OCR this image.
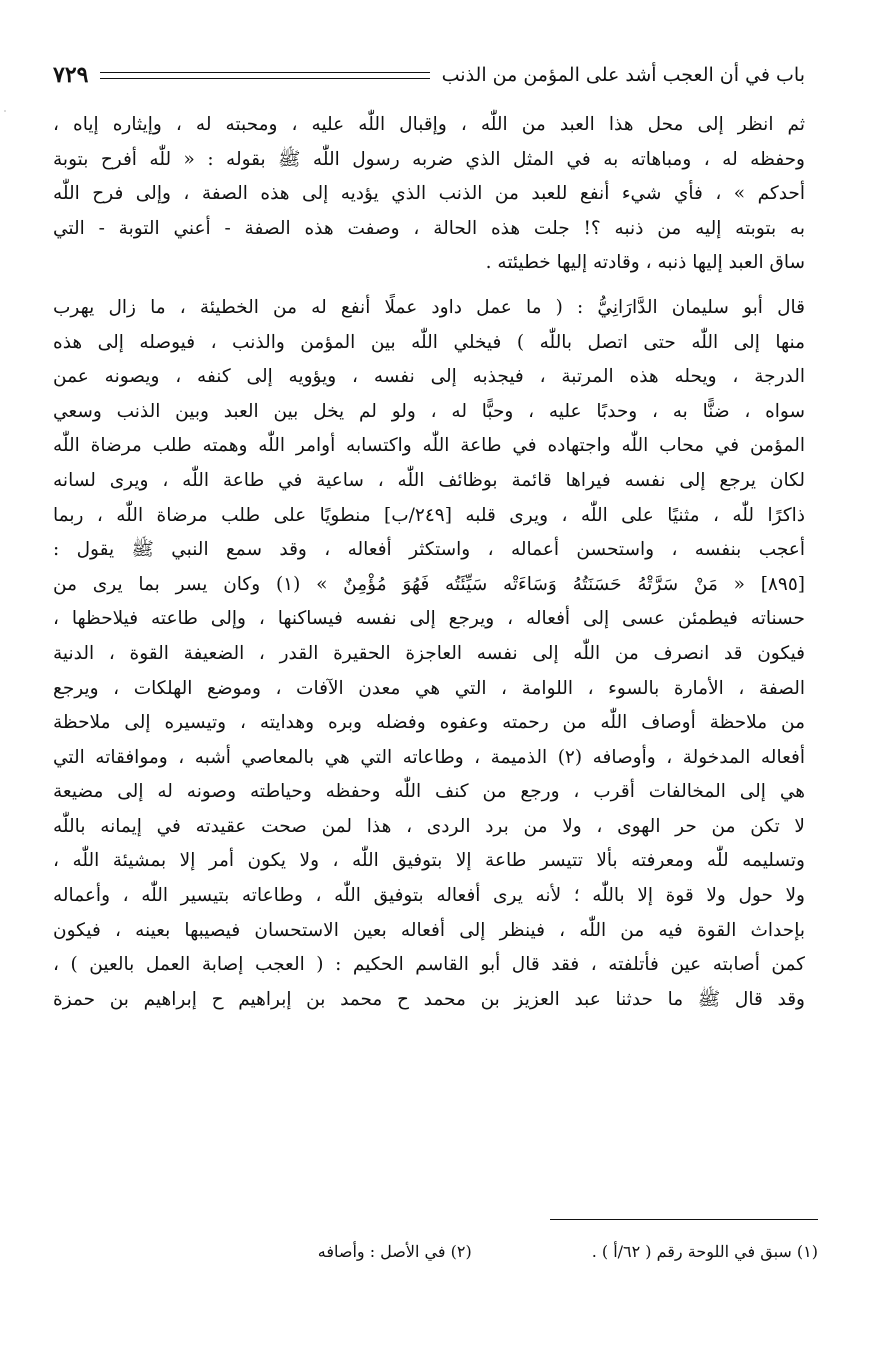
باب في أن العجب أشد على المؤمن من الذنب
٧٢٩
ثم انظر إلى محل هذا العبد من اللّٰه ، وإقبال اللّٰه عليه ، ومحبته له ، وإيثاره إياه ،
وحفظه له ، ومباهاته به في المثل الذي ضربه رسول اللّٰه ﷺ بقوله : « للّٰه أفرح بتوبة
أحدكم » ، فأي شيء أنفع للعبد من الذنب الذي يؤديه إلى هذه الصفة ، وإلى فرح اللّٰه
به بتوبته إليه من ذنبه ؟! جلت هذه الحالة ، وصفت هذه الصفة - أعني التوبة - التي
ساق العبد إليها ذنبه ، وقادته إليها خطيئته .
قال أبو سليمان الدَّارَانِيُّ : ( ما عمل داود عملًا أنفع له من الخطيئة ، ما زال يهرب
منها إلى اللّٰه حتى اتصل باللّٰه ) فيخلي اللّٰه بين المؤمن والذنب ، فيوصله إلى هذه
الدرجة ، ويحله هذه المرتبة ، فيجذبه إلى نفسه ، ويؤويه إلى كنفه ، ويصونه عمن
سواه ، ضنًّا به ، وحدبًا عليه ، وحبًّا له ، ولو لم يخل بين العبد وبين الذنب وسعي
المؤمن في محاب اللّٰه واجتهاده في طاعة اللّٰه واكتسابه أوامر اللّٰه وهمته طلب مرضاة اللّٰه
لكان يرجع إلى نفسه فيراها قائمة بوظائف اللّٰه ، ساعية في طاعة اللّٰه ، ويرى لسانه
ذاكرًا للّٰه ، مثنيًا على اللّٰه ، ويرى قلبه [٢٤٩/ب] منطويًا على طلب مرضاة اللّٰه ، ربما
أعجب بنفسه ، واستحسن أعماله ، واستكثر أفعاله ، وقد سمع النبي ﷺ يقول :
[٨٩٥] « مَنْ سَرَّتْهُ حَسَنَتُهُ وَسَاءَتْه سَيِّئَتُه فَهُوَ مُؤْمِنٌ » (١) وكان يسر بما يرى من
حسناته فيطمئن عسى إلى أفعاله ، ويرجع إلى نفسه فيساكنها ، وإلى طاعته فيلاحظها ،
فيكون قد انصرف من اللّٰه إلى نفسه العاجزة الحقيرة القدر ، الضعيفة القوة ، الدنية
الصفة ، الأمارة بالسوء ، اللوامة ، التي هي معدن الآفات ، وموضع الهلكات ، ويرجع
من ملاحظة أوصاف اللّٰه من رحمته وعفوه وفضله وبره وهدايته ، وتيسيره إلى ملاحظة
أفعاله المدخولة ، وأوصافه (٢) الذميمة ، وطاعاته التي هي بالمعاصي أشبه ، وموافقاته التي
هي إلى المخالفات أقرب ، ورجع من كنف اللّٰه وحفظه وحياطته وصونه له إلى مضيعة
لا تكن من حر الهوى ، ولا من برد الردى ، هذا لمن صحت عقيدته في إيمانه باللّٰه
وتسليمه للّٰه ومعرفته بألا تتيسر طاعة إلا بتوفيق اللّٰه ، ولا يكون أمر إلا بمشيئة اللّٰه ،
ولا حول ولا قوة إلا باللّٰه ؛ لأنه يرى أفعاله بتوفيق اللّٰه ، وطاعاته بتيسير اللّٰه ، وأعماله
بإحداث القوة فيه من اللّٰه ، فينظر إلى أفعاله بعين الاستحسان فيصيبها بعينه ، فيكون
كمن أصابته عين فأتلفته ، فقد قال أبو القاسم الحكيم : ( العجب إصابة العمل بالعين ) ،
وقد قال ﷺ ما حدثنا عبد العزيز بن محمد ح محمد بن إبراهيم ح إبراهيم بن حمزة
(١) سبق في اللوحة رقم ( ٦٢/أ ) .
(٢) في الأصل : وأصافه
